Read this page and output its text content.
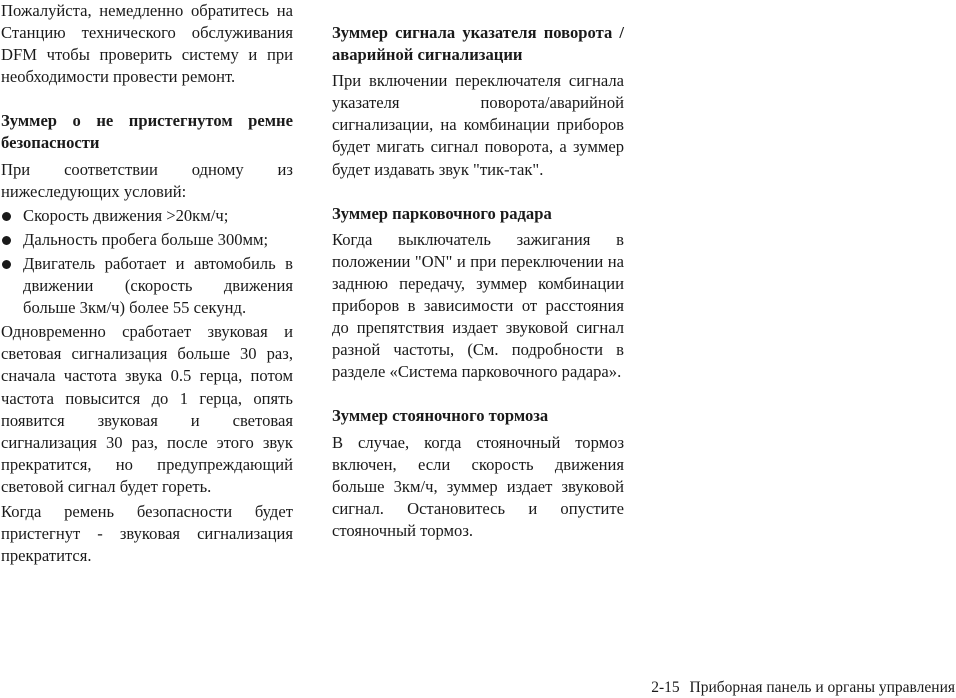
Пожалуйста, немедленно обратитесь на Станцию технического обслуживания DFM чтобы проверить систему и при необходимости провести ремонт.

Зуммер о не пристегнутом ремне безопасности

При соответствии одному из нижеследующих условий:

Скорость движения >20км/ч;
Дальность пробега больше 300мм;
Двигатель работает и автомобиль в движении (скорость движения больше 3км/ч) более 55 секунд.

Одновременно сработает звуковая и световая сигнализация больше 30 раз, сначала частота звука 0.5 герца, потом частота повысится до 1 герца, опять появится звуковая и световая сигнализация 30 раз, после этого звук прекратится, но предупреждающий световой сигнал будет гореть.

Когда ремень безопасности будет пристегнут - звуковая сигнализация прекратится.

Зуммер сигнала указателя поворота / аварийной сигнализации

При включении переключателя сигнала указателя поворота/аварийной сигнализации, на комбинации приборов будет мигать сигнал поворота, а зуммер будет издавать звук "тик-так".

Зуммер парковочного радара

Когда выключатель зажигания в положении "ON" и при переключении на заднюю передачу, зуммер комбинации приборов в зависимости от расстояния до препятствия издает звуковой сигнал разной частоты, (См. подробности в разделе «Система парковочного радара».

Зуммер стояночного тормоза

В случае, когда стояночный тормоз включен, если скорость движения больше 3км/ч, зуммер издает звуковой сигнал. Остановитесь и опустите стояночный тормоз.

2-15 Приборная панель и органы управления
